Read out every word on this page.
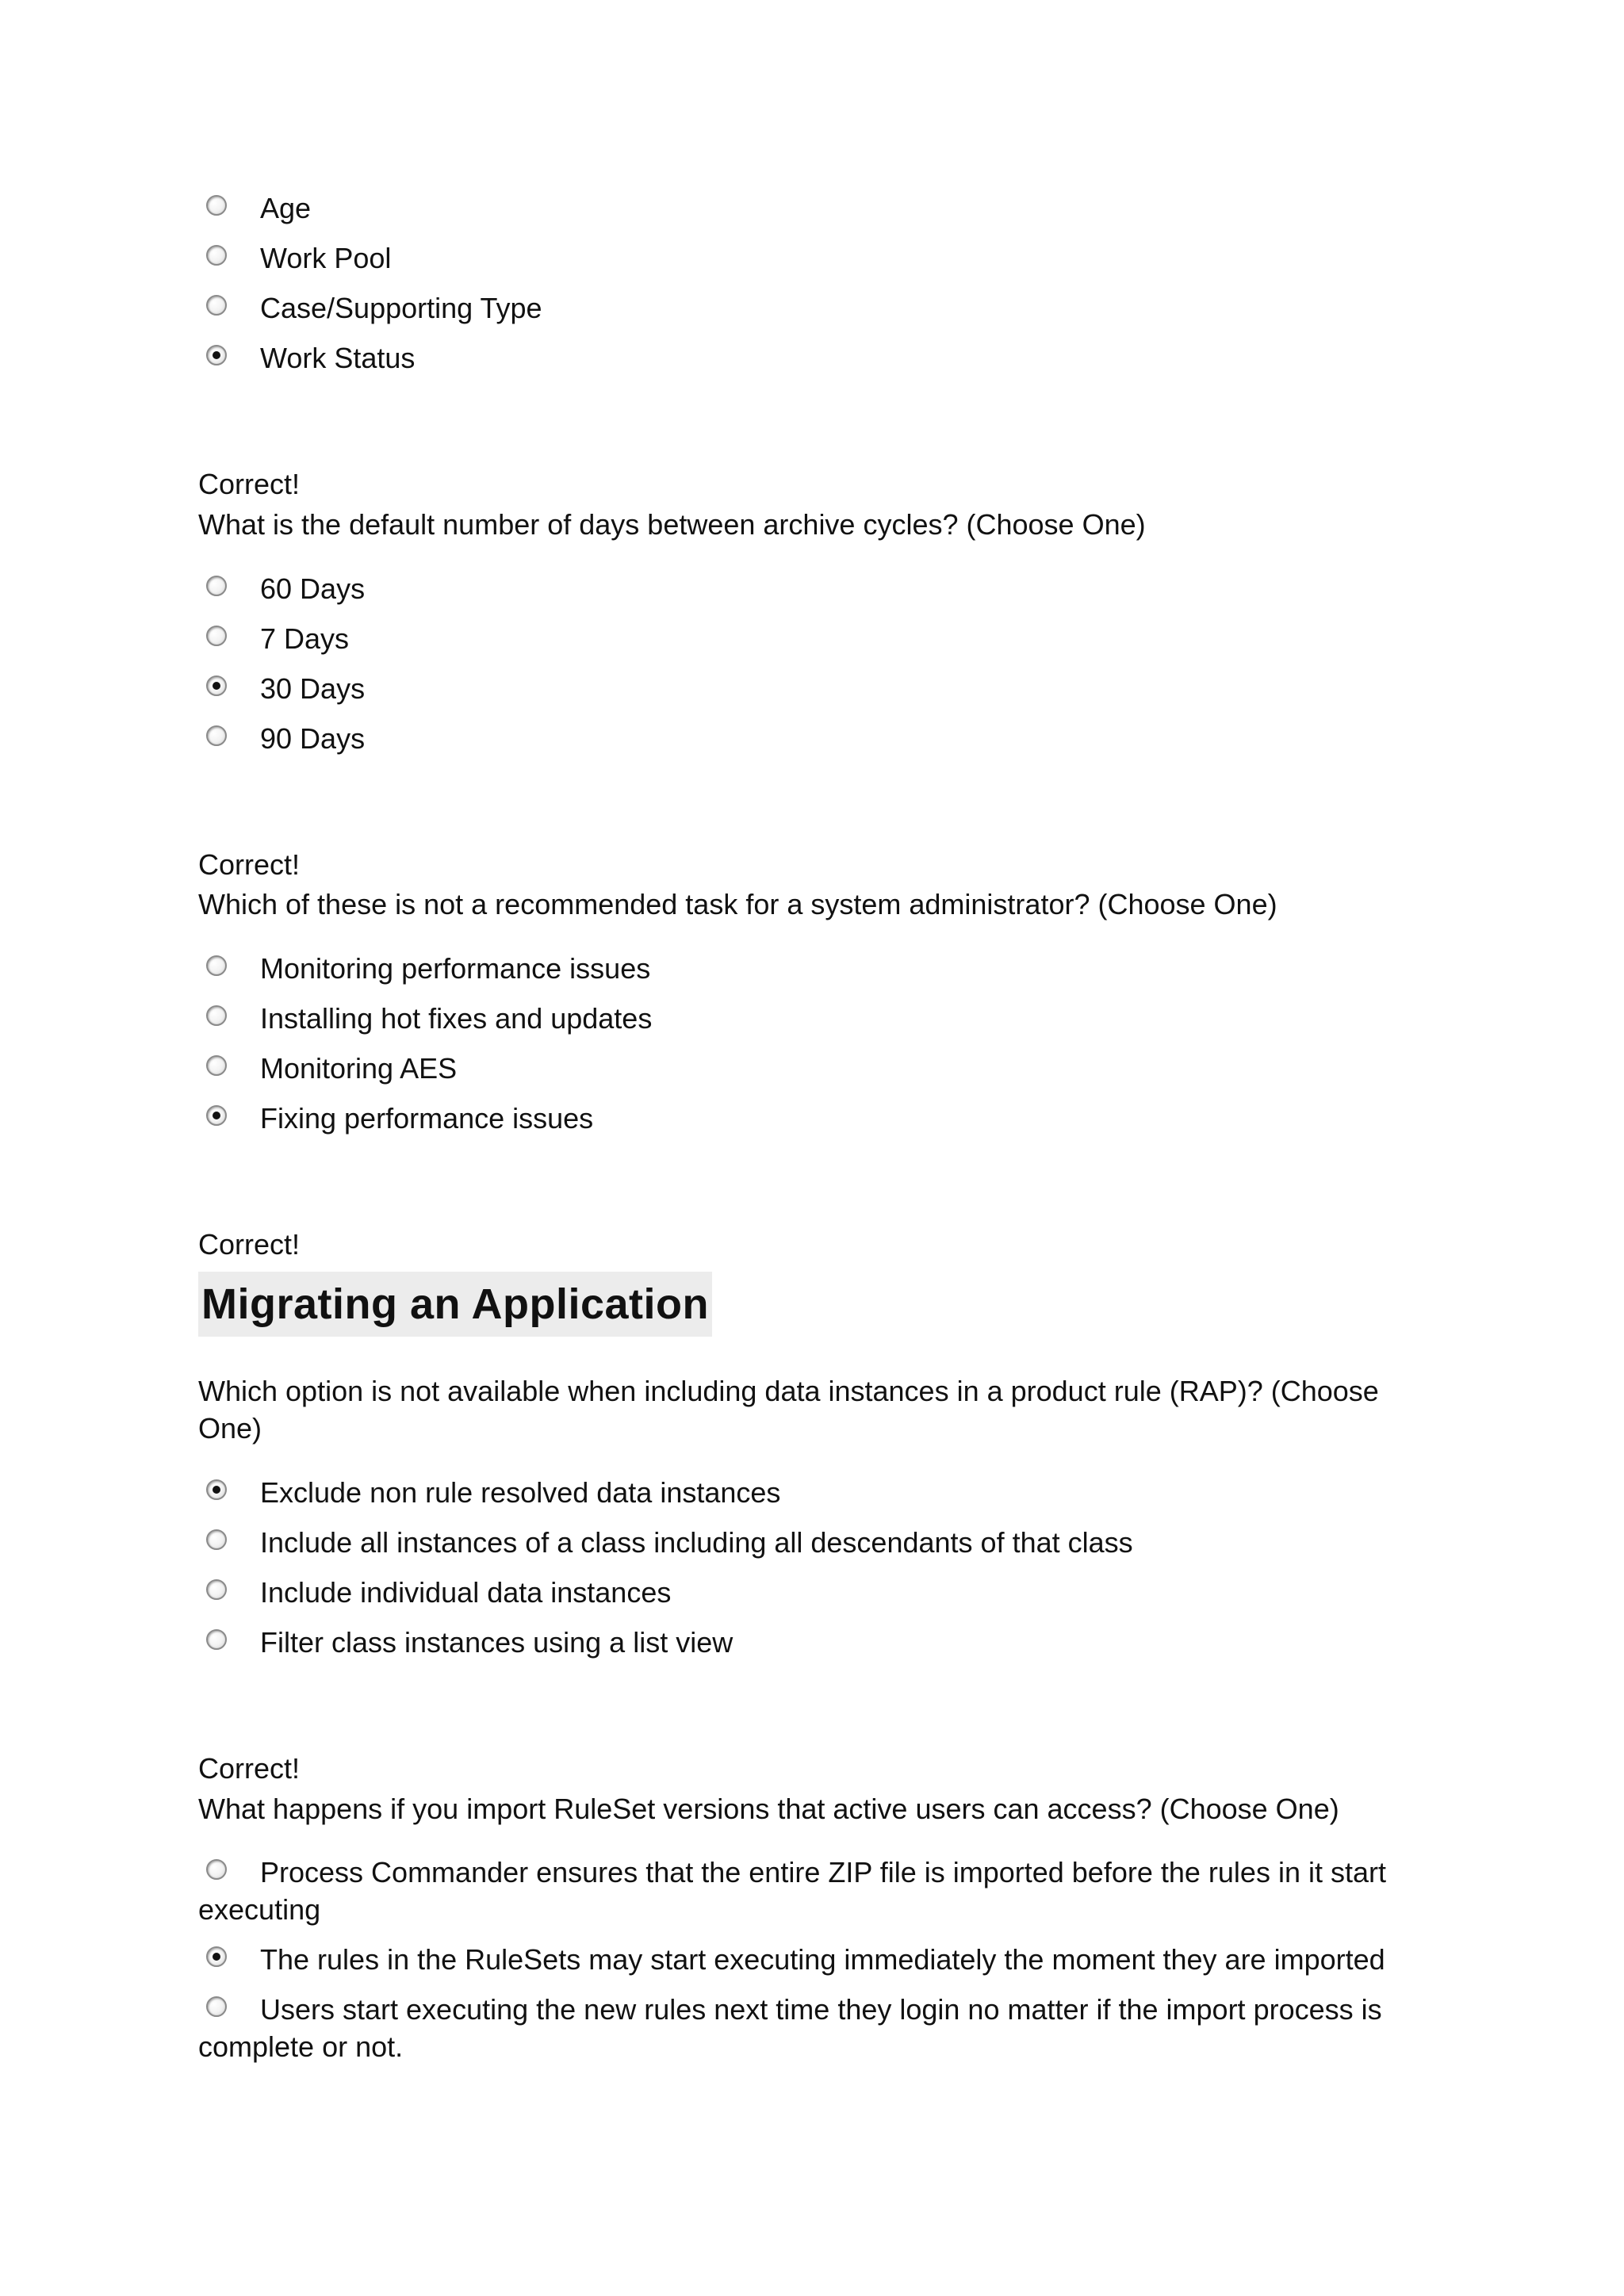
Age
Work Pool
Case/Supporting Type
Work Status

Correct!

What is the default number of days between archive cycles? (Choose One)

60 Days
7 Days
30 Days
90 Days

Correct!

Which of these is not a recommended task for a system administrator? (Choose One)

Monitoring performance issues
Installing hot fixes and updates
Monitoring AES
Fixing performance issues

Correct!

Migrating an Application

Which option is not available when including data instances in a product rule (RAP)? (Choose One)

Exclude non rule resolved data instances
Include all instances of a class including all descendants of that class
Include individual data instances
Filter class instances using a list view

Correct!

What happens if you import RuleSet versions that active users can access? (Choose One)

Process Commander ensures that the entire ZIP file is imported before the rules in it start executing
The rules in the RuleSets may start executing immediately the moment they are imported
Users start executing the new rules next time they login no matter if the import process is complete or not.
